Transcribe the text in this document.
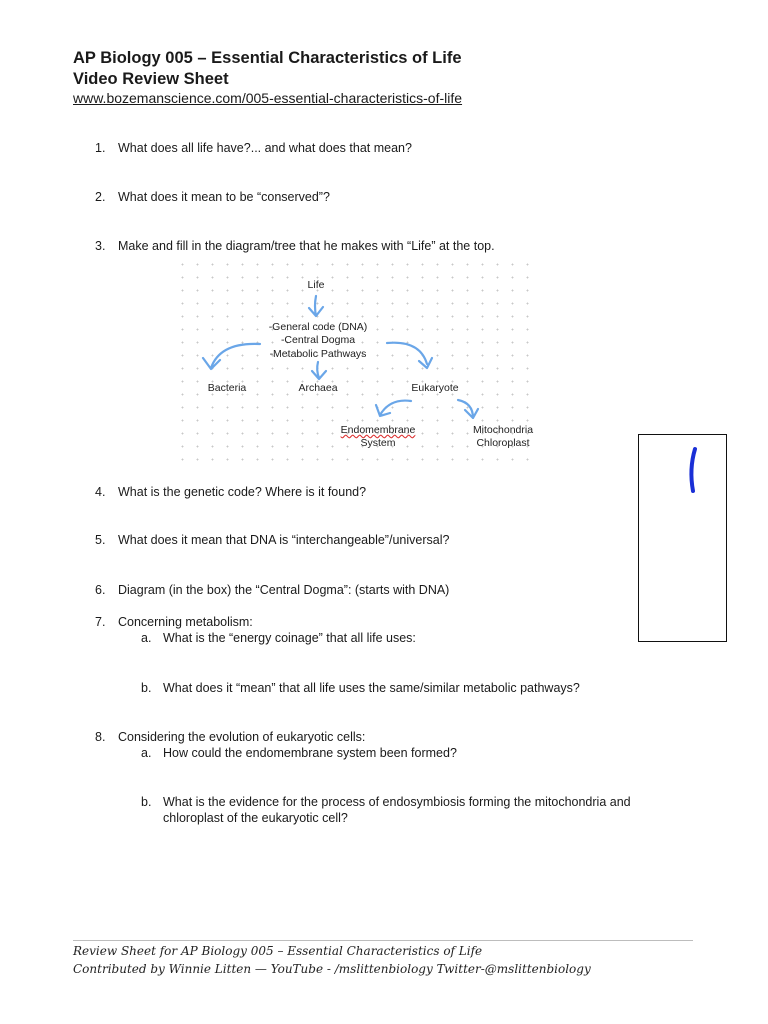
AP Biology 005 – Essential Characteristics of Life
Video Review Sheet
www.bozemanscience.com/005-essential-characteristics-of-life
1. What does all life have?... and what does that mean?
2. What does it mean to be “conserved”?
3. Make and fill in the diagram/tree that he makes with “Life” at the top.
Life
-General code (DNA)
-Central Dogma
-Metabolic Pathways
Bacteria	Archaea	Eukaryote
Endomembrane
System
Mitochondria
Chloroplast
4. What is the genetic code? Where is it found?
5. What does it mean that DNA is “interchangeable”/universal?
6. Diagram (in the box) the “Central Dogma”: (starts with DNA)
7. Concerning metabolism:
a. What is the “energy coinage” that all life uses:
b. What does it “mean” that all life uses the same/similar metabolic pathways?
8. Considering the evolution of eukaryotic cells:
a. How could the endomembrane system been formed?
b. What is the evidence for the process of endosymbiosis forming the mitochondria and
chloroplast of the eukaryotic cell?
Review Sheet for AP Biology 005 – Essential Characteristics of Life
Contributed by Winnie Litten — YouTube - /mslittenbiology Twitter-@mslittenbiology
